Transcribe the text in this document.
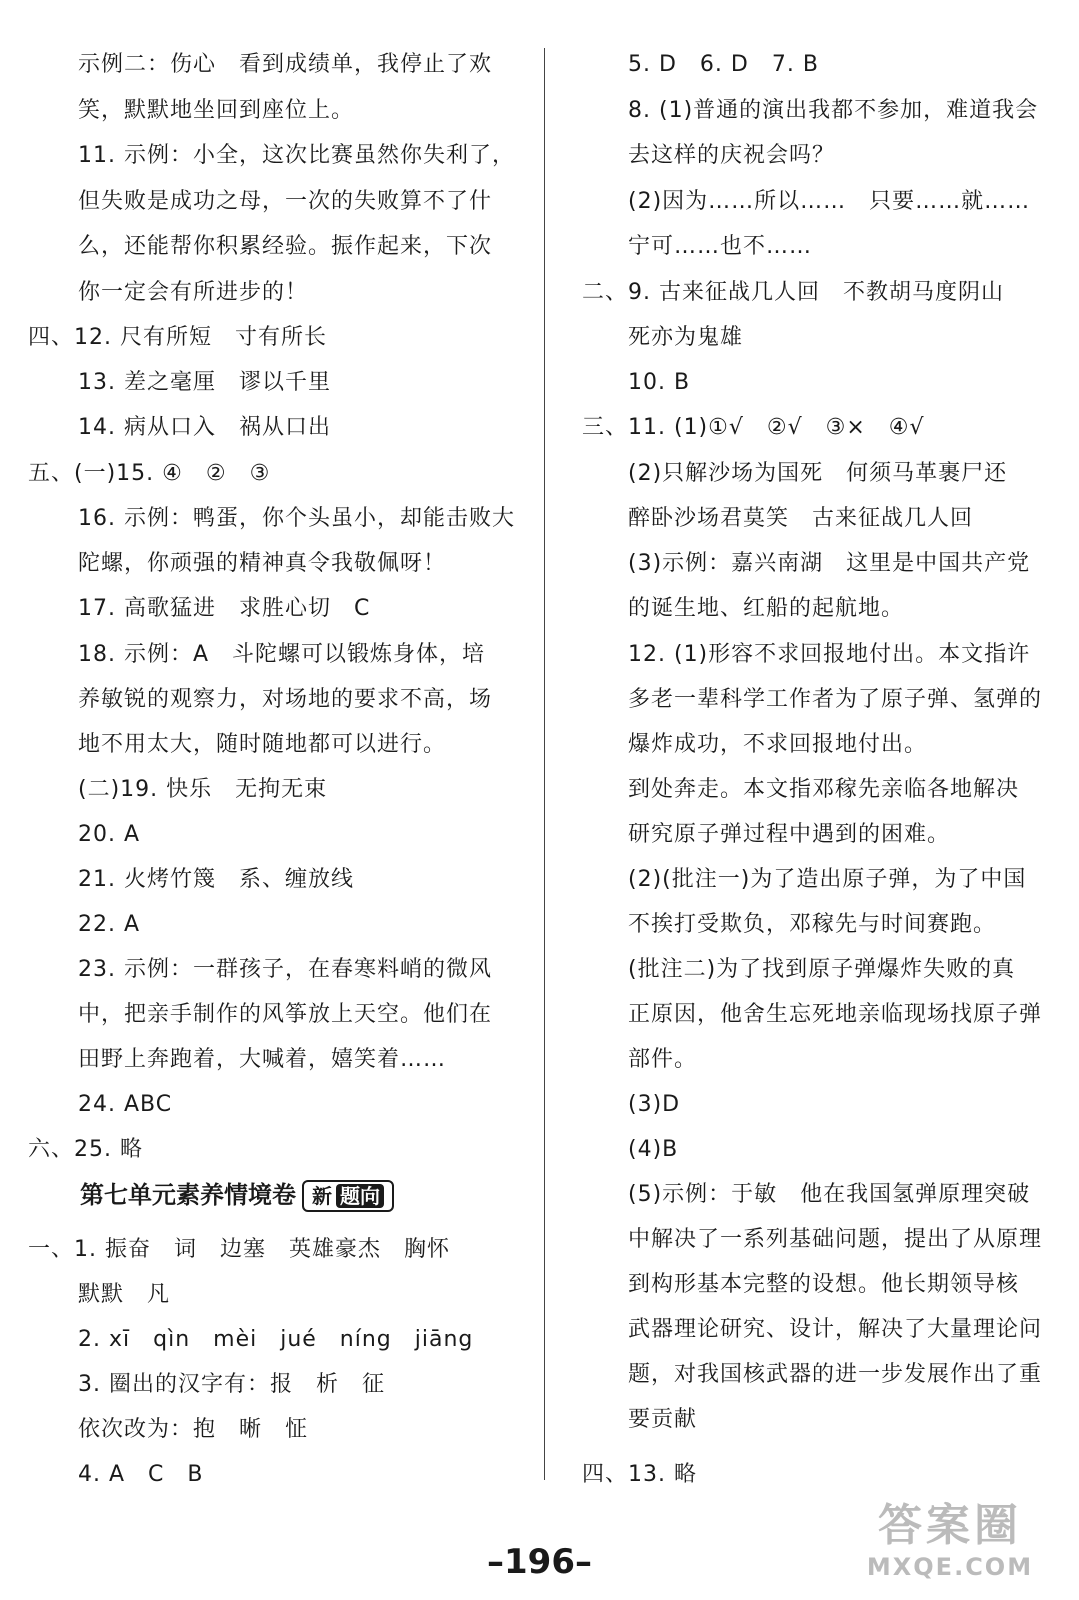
示例二：伤心　看到成绩单，我停止了欢
笑，默默地坐回到座位上。
11. 示例：小全，这次比赛虽然你失利了，
但失败是成功之母，一次的失败算不了什
么，还能帮你积累经验。振作起来，下次
你一定会有所进步的！
四、12. 尺有所短　寸有所长
13. 差之毫厘　谬以千里
14. 病从口入　祸从口出
五、(一)15. ④　②　③
16. 示例：鸭蛋，你个头虽小，却能击败大
陀螺，你顽强的精神真令我敬佩呀！
17. 高歌猛进　求胜心切　C
18. 示例：A　斗陀螺可以锻炼身体，培
养敏锐的观察力，对场地的要求不高，场
地不用太大，随时随地都可以进行。
(二)19. 快乐　无拘无束
20. A
21. 火烤竹篾　系、缠放线
22. A
23. 示例：一群孩子，在春寒料峭的微风
中，把亲手制作的风筝放上天空。他们在
田野上奔跑着，大喊着，嬉笑着……
24. ABC
六、25. 略
一、1. 振奋　词　边塞　英雄豪杰　胸怀
默默　凡
2. xī　qìn　mèi　jué　níng　jiāng
3. 圈出的汉字有：报　析　征
依次改为：抱　晰　怔
4. A　C　B
5. D　6. D　7. B
8. (1)普通的演出我都不参加，难道我会
去这样的庆祝会吗？
(2)因为……所以……　只要……就……
宁可……也不……
二、9. 古来征战几人回　不教胡马度阴山
死亦为鬼雄
10. B
三、11. (1)①√　②√　③×　④√
(2)只解沙场为国死　何须马革裹尸还
醉卧沙场君莫笑　古来征战几人回
(3)示例：嘉兴南湖　这里是中国共产党
的诞生地、红船的起航地。
12. (1)形容不求回报地付出。本文指许
多老一辈科学工作者为了原子弹、氢弹的
爆炸成功，不求回报地付出。
到处奔走。本文指邓稼先亲临各地解决
研究原子弹过程中遇到的困难。
(2)(批注一)为了造出原子弹，为了中国
不挨打受欺负，邓稼先与时间赛跑。
(批注二)为了找到原子弹爆炸失败的真
正原因，他舍生忘死地亲临现场找原子弹
部件。
(3)D
(4)B
(5)示例：于敏　他在我国氢弹原理突破
中解决了一系列基础问题，提出了从原理
到构形基本完整的设想。他长期领导核
武器理论研究、设计，解决了大量理论问
题，对我国核武器的进一步发展作出了重
要贡献
四、13. 略
第七单元素养情境卷 新 题向
–196–
答案圈
MXQE.COM
